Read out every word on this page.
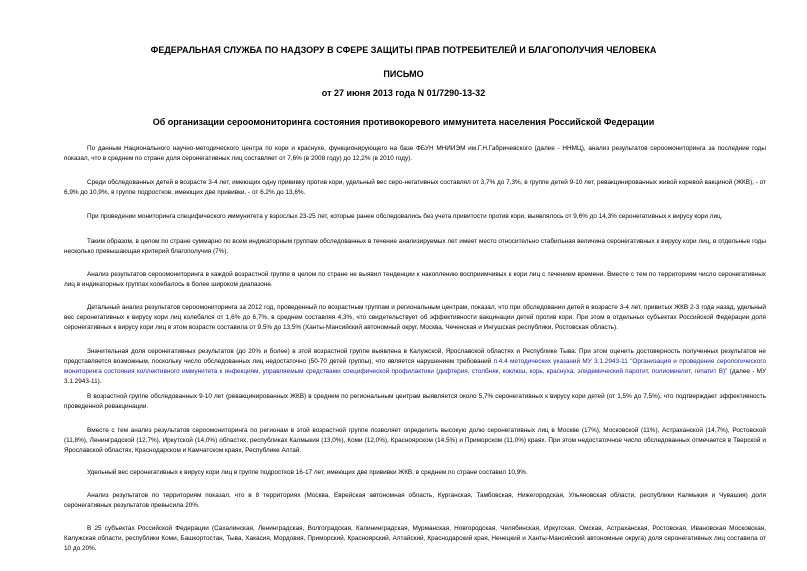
ФЕДЕРАЛЬНАЯ СЛУЖБА ПО НАДЗОРУ В СФЕРЕ ЗАЩИТЫ ПРАВ ПОТРЕБИТЕЛЕЙ И БЛАГОПОЛУЧИЯ ЧЕЛОВЕКА
ПИСЬМО
от 27 июня 2013 года N 01/7290-13-32
Об организации сероомониторинга состояния противокоревого иммунитета населения Российской Федерации

По данным Национального научно-методического центра по кори и краснухе, функционирующего на базе ФБУН МНИИЭМ им.Г.Н.Габричевского (далее - ННМЦ), анализ результатов сероомониторинга за последние годы показал, что в среднем по стране доля серонегативных лиц составляет от 7,6% (в 2008 году) до 12,2% (в 2010 году).

Среди обследованных детей в возрасте 3-4 лет, имеющих одну прививку против кори, удельный вес серо-негативных составлял от 3,7% до 7,3%, в группе детей 9-10 лет, ревакцинированных живой коревой вакциной (ЖКВ), - от 6,9% до 10,9%, в группе подростков, имеющих две прививки, - от 6,2% до 13,6%.

При проведении мониторинга специфического иммунитета у взрослых 23-25 лет, которые ранее обследовались без учета привитости против кори, выявлялось от 9,6% до 14,3% серонегативных к вирусу кори лиц.

Таким образом, в целом по стране суммарно по всем индикаторным группам обследованных в течение анализируемых лет имеет место относительно стабильная величина серонегативных к вирусу кори лиц, в отдельные годы несколько превышающая критерий благополучия (7%).

Анализ результатов сероомониторинга в каждой возрастной группе в целом по стране не выявил тенденции к накоплению восприимчивых к кори лиц с течением времени. Вместе с тем по территориям число серонегативных лиц в индикаторных группах колебалось в более широком диапазоне.

Детальный анализ результатов сероомониторинга за 2012 год, проведенный по возрастным группам и региональным центрам, показал, что при обследовании детей в возрасте 3-4 лет, привитых ЖКВ 2-3 года назад, удельный вес серонегативных к вирусу кори лиц колебался от 1,6% до 6,7%, в среднем составляя 4,3%, что свидетельствует об эффективности вакцинации детей против кори. При этом в отдельных субъектах Российской Федерации доля серонегативных к вирусу кори лиц в этом возрасте составила от 9,5% до 13,5% (Ханты-Мансийский автономный округ, Москва, Чеченская и Ингушская республики, Ростовская область).

Значительная доля серонегативных результатов (до 20% и более) в этой возрастной группе выявлена в Калужской, Ярославской областях и Республике Тыва. При этом оценить достоверность полученных результатов не представляется возможным, поскольку число обследованных лиц недостаточно (50-70 детей группы), что является нарушением требований п.4.4 методических указаний МУ 3.1.2943-11 "Организация и проведение серологического мониторинга состояния коллективного иммунитета к инфекциям, управляемым средствами специфической профилактики (дифтерия, столбняк, коклюш, корь, краснуха, эпидемический паротит, полиомиелит, гепатит В)" (далее - МУ 3.1.2943-11).

В возрастной группе обследованных 9-10 лет (ревакцинированных ЖКВ) в среднем по региональным центрам выявляется около 5,7% серонегативных к вирусу кори детей (от 1,5% до 7,5%), что подтверждает эффективность проведенной ревакцинации.

Вместе с тем анализ результатов сероомониторинга по регионам в этой возрастной группе позволяет определить высокую долю серонегативных лиц в Москве (17%), Московской (11%), Астраханской (14,7%), Ростовской (11,8%), Ленинградской (12,7%), Иркутской (14,0%) областях, республиках Калмыкия (13,0%), Коми (12,0%), Красноярском (14,5%) и Приморском (11,0%) краях. При этом недостаточное число обследованных отмечается в Тверской и Ярославской областях, Краснодарском и Камчатском краях, Республике Алтай.

Удельный вес серонегативных к вирусу кори лиц в группе подростков 16-17 лет, имеющих две прививки ЖКВ, в среднем по стране составил 10,9%.

Анализ результатов по территориям показал, что в 8 территориях (Москва, Еврейская автономная область, Курганская, Тамбовская, Нижегородская, Ульяновская области, республики Калмыкия и Чувашия) доля серонегативных результатов превысила 20%.

В 25 субъектах Российской Федерации (Сахалинская, Ленинградская, Волгоградская, Калининградская, Мурманская, Новгородская, Челябинская, Иркутская, Омская, Астраханская, Ростовская, Ивановская Московская, Калужская области, республики Коми, Башкортостан, Тыва, Хакасия, Мордовия, Приморский, Красноярский, Алтайский, Краснодарский края, Ненецкий и Ханты-Мансийский автономные округа) доля серонегативных лиц составила от 10 до 20%.
